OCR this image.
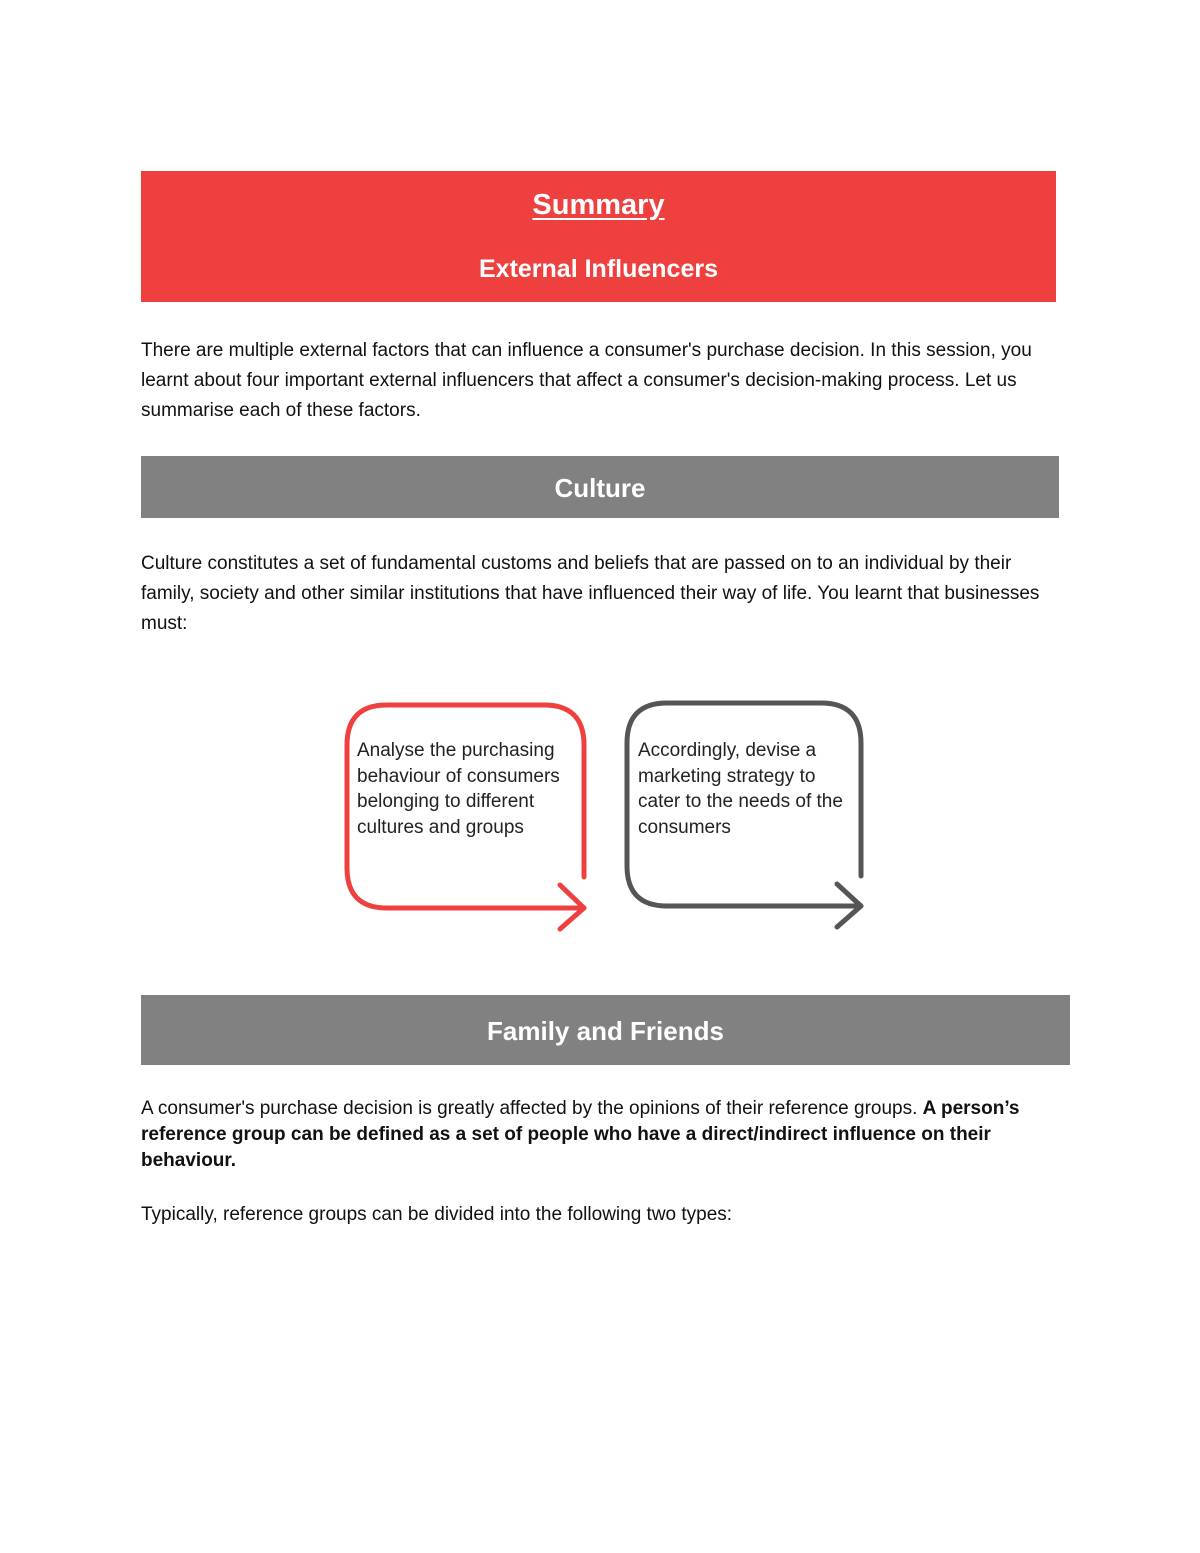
Summary
External Influencers

There are multiple external factors that can influence a consumer's purchase decision. In this session, you learnt about four important external influencers that affect a consumer's decision-making process. Let us summarise each of these factors.

Culture

Culture constitutes a set of fundamental customs and beliefs that are passed on to an individual by their family, society and other similar institutions that have influenced their way of life. You learnt that businesses must:

Analyse the purchasing behaviour of consumers belonging to different cultures and groups
Accordingly, devise a marketing strategy to cater to the needs of the consumers
Family and Friends

A consumer's purchase decision is greatly affected by the opinions of their reference groups. A person’s reference group can be defined as a set of people who have a direct/indirect influence on their behaviour.

Typically, reference groups can be divided into the following two types:
